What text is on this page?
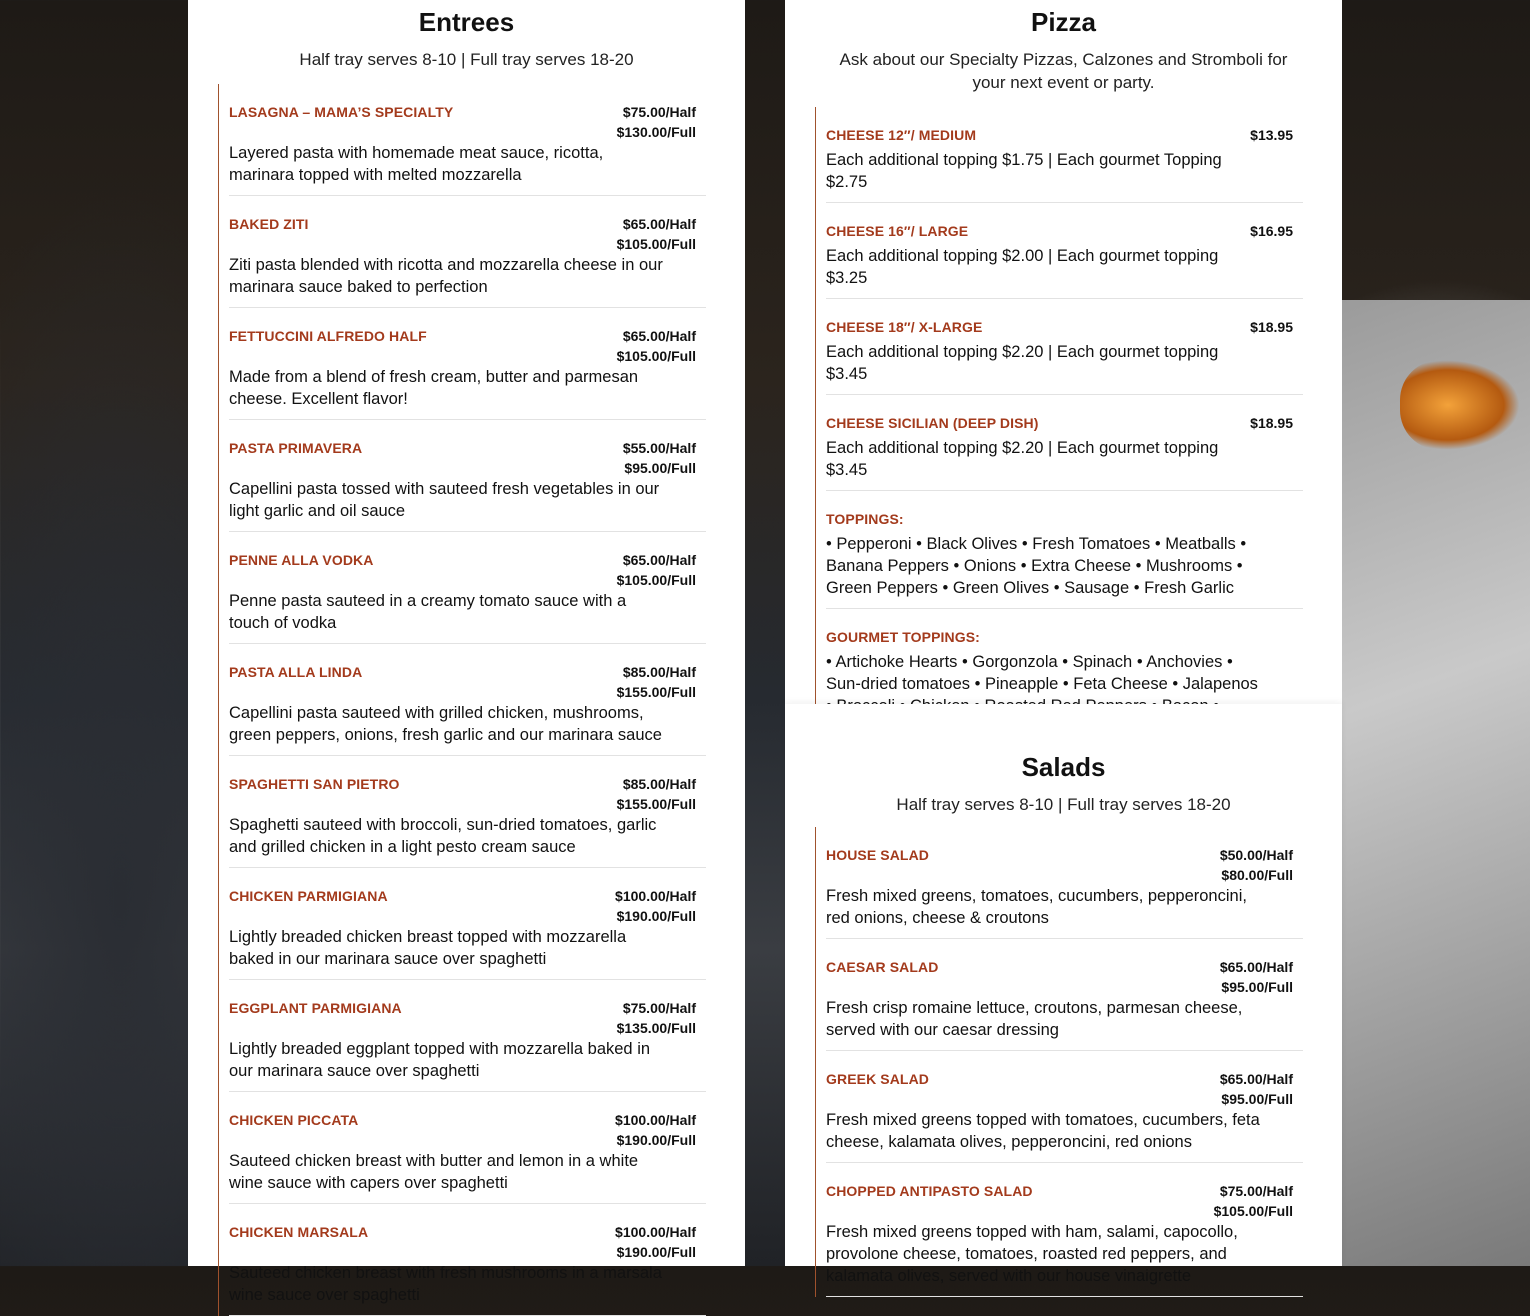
Entrees

Half tray serves 8-10 | Full tray serves 18-20

LASAGNA – MAMA’S SPECIALTY	$75.00/Half
$130.00/Full
Layered pasta with homemade meat sauce, ricotta, marinara topped with melted mozzarella
BAKED ZITI	$65.00/Half
$105.00/Full
Ziti pasta blended with ricotta and mozzarella cheese in our marinara sauce baked to perfection
FETTUCCINI ALFREDO HALF	$65.00/Half
$105.00/Full
Made from a blend of fresh cream, butter and parmesan cheese. Excellent flavor!
PASTA PRIMAVERA	$55.00/Half
$95.00/Full
Capellini pasta tossed with sauteed fresh vegetables in our light garlic and oil sauce
PENNE ALLA VODKA	$65.00/Half
$105.00/Full
Penne pasta sauteed in a creamy tomato sauce with a touch of vodka
PASTA ALLA LINDA	$85.00/Half
$155.00/Full
Capellini pasta sauteed with grilled chicken, mushrooms, green peppers, onions, fresh garlic and our marinara sauce
SPAGHETTI SAN PIETRO	$85.00/Half
$155.00/Full
Spaghetti sauteed with broccoli, sun-dried tomatoes, garlic and grilled chicken in a light pesto cream sauce
CHICKEN PARMIGIANA	$100.00/Half
$190.00/Full
Lightly breaded chicken breast topped with mozzarella baked in our marinara sauce over spaghetti
EGGPLANT PARMIGIANA	$75.00/Half
$135.00/Full
Lightly breaded eggplant topped with mozzarella baked in our marinara sauce over spaghetti
CHICKEN PICCATA	$100.00/Half
$190.00/Full
Sauteed chicken breast with butter and lemon in a white wine sauce with capers over spaghetti
CHICKEN MARSALA	$100.00/Half
$190.00/Full
Sauteed chicken breast with fresh mushrooms in a marsala wine sauce over spaghetti
Pizza

Ask about our Specialty Pizzas, Calzones and Stromboli for your next event or party.

CHEESE 12″/ MEDIUM	$13.95
Each additional topping $1.75 | Each gourmet Topping $2.75
CHEESE 16″/ LARGE	$16.95
Each additional topping $2.00 | Each gourmet topping $3.25
CHEESE 18″/ X-LARGE	$18.95
Each additional topping $2.20 | Each gourmet topping $3.45
CHEESE SICILIAN (DEEP DISH)	$18.95
Each additional topping $2.20 | Each gourmet topping $3.45
TOPPINGS:
• Pepperoni • Black Olives • Fresh Tomatoes • Meatballs • Banana Peppers • Onions • Extra Cheese • Mushrooms • Green Peppers • Green Olives • Sausage • Fresh Garlic
GOURMET TOPPINGS:
• Artichoke Hearts • Gorgonzola • Spinach • Anchovies • Sun-dried tomatoes • Pineapple • Feta Cheese • Jalapenos
Salads

Half tray serves 8-10 | Full tray serves 18-20

HOUSE SALAD	$50.00/Half
$80.00/Full
Fresh mixed greens, tomatoes, cucumbers, pepperoncini, red onions, cheese & croutons
CAESAR SALAD	$65.00/Half
$95.00/Full
Fresh crisp romaine lettuce, croutons, parmesan cheese, served with our caesar dressing
GREEK SALAD	$65.00/Half
$95.00/Full
Fresh mixed greens topped with tomatoes, cucumbers, feta cheese, kalamata olives, pepperoncini, red onions
CHOPPED ANTIPASTO SALAD	$75.00/Half
$105.00/Full
Fresh mixed greens topped with ham, salami, capocollo, provolone cheese, tomatoes, roasted red peppers, and kalamata olives, served with our house vinaigrette
